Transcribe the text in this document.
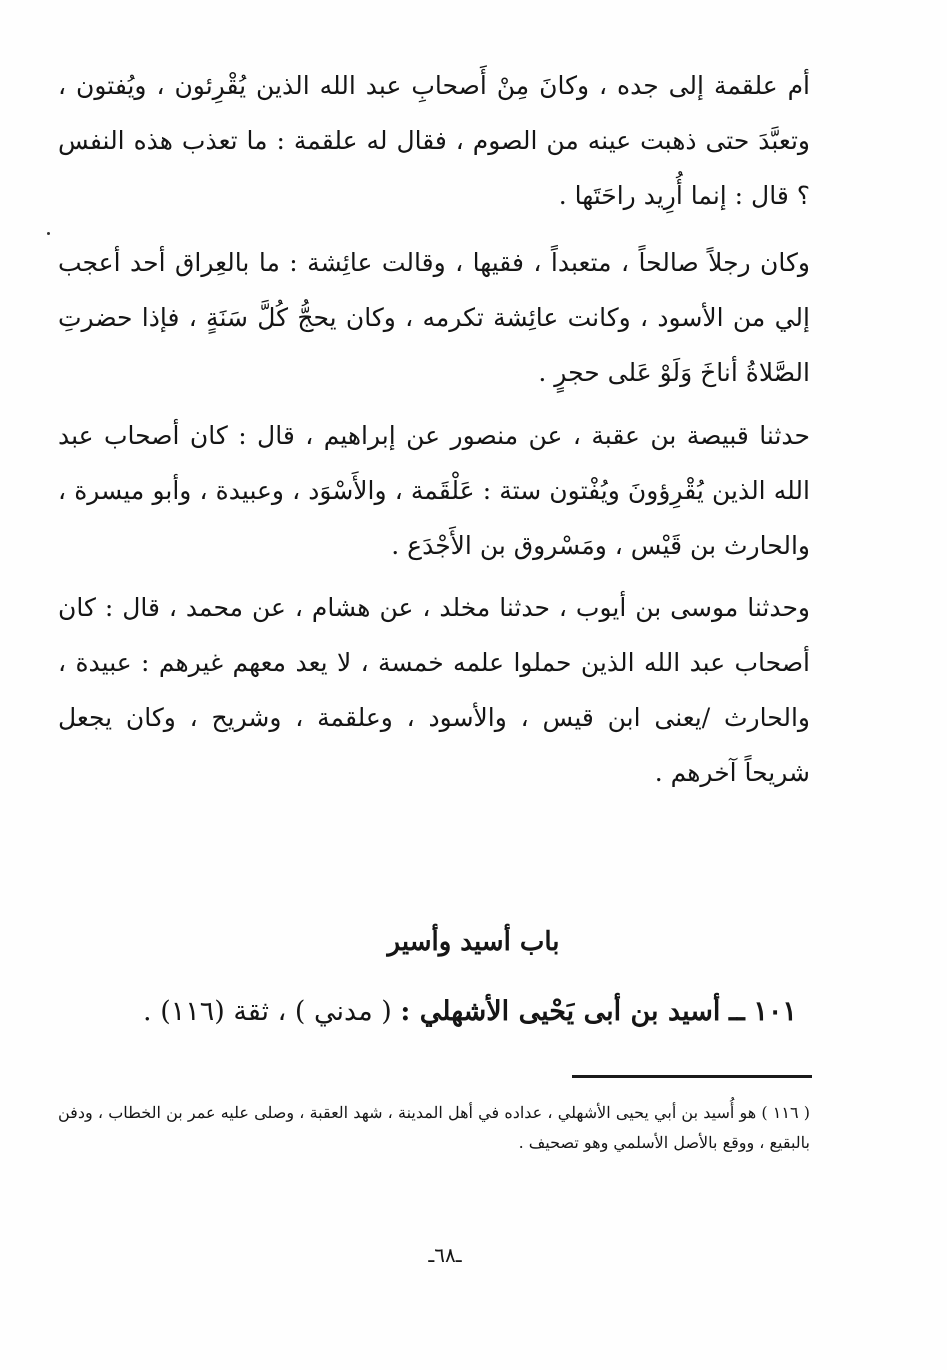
أم علقمة إلى جده ، وكانَ مِنْ أَصحابِ عبد الله الذين يُقْرِئون ، ويُفتون ، وتعبَّدَ حتى ذهبت عينه من الصوم ، فقال له علقمة : ما تعذب هذه النفس ؟ قال : إنما أُرِيد راحَتَها .

وكان رجلاً صالحاً ، متعبداً ، فقيها ، وقالت عائِشة : ما بالعِراق أحد أعجب إلي من الأسود ، وكانت عائِشة تكرمه ، وكان يحجُّ كُلَّ سَنَةٍ ، فإذا حضرتِ الصَّلاةُ أناخَ وَلَوْ عَلى حجرٍ .

حدثنا قبيصة بن عقبة ، عن منصور عن إبراهيم ، قال : كان أصحاب عبد الله الذين يُقْرِؤونَ ويُفْتون ستة : عَلْقَمة ، والأَسْوَد ، وعبيدة ، وأبو ميسرة ، والحارث بن قَيْس ، ومَسْروق بن الأَجْدَع .

وحدثنا موسى بن أيوب ، حدثنا مخلد ، عن هشام ، عن محمد ، قال : كان أصحاب عبد الله الذين حملوا علمه خمسة ، لا يعد معهم غيرهم : عبيدة ، والحارث /يعنى ابن قيس ، والأسود ، وعلقمة ، وشريح ، وكان يجعل شريحاً آخرهم .

باب أسيد وأسير
١٠١ ــ أسيد بن أبى يَحْيى الأشهلي : ( مدني ) ، ثقة (١١٦) .

( ١١٦ ) هو أُسيد بن أبي يحيى الأشهلي ، عداده في أهل المدينة ، شهد العقبة ، وصلى عليه عمر بن الخطاب ، ودفن بالبقيع ، ووقع بالأصل الأسلمي وهو تصحيف .

ـ٦٨ـ
